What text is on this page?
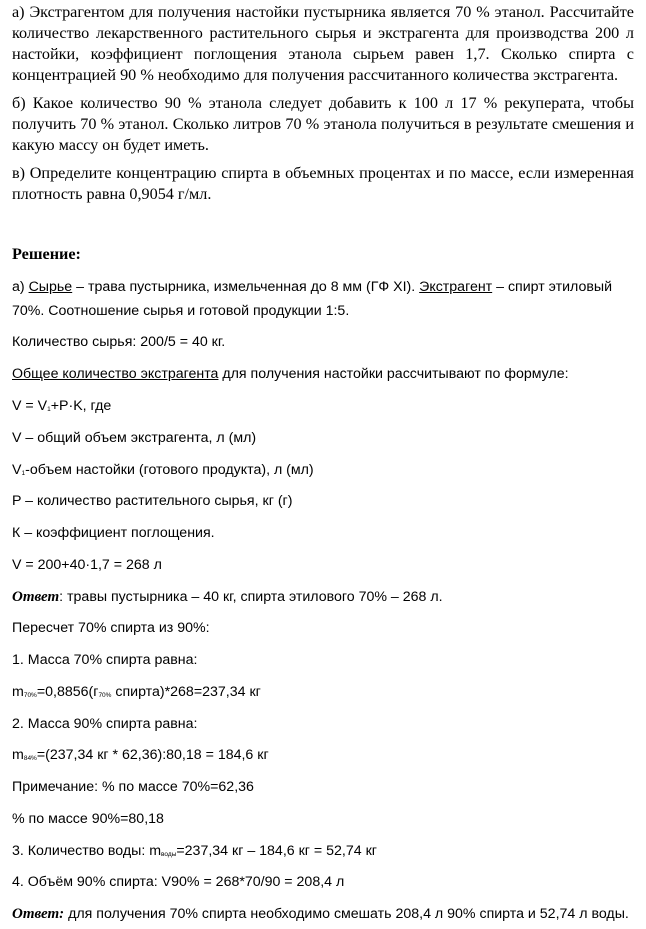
а) Экстрагентом для получения настойки пустырника является 70 % этанол. Рассчитайте количество лекарственного растительного сырья и экстрагента для производства 200 л настойки, коэффициент поглощения этанола сырьем равен 1,7. Сколько спирта с концентрацией 90 % необходимо для получения рассчитанного количества экстрагента.

б) Какое количество 90 % этанола следует добавить к 100 л 17 % рекуперата, чтобы получить 70 % этанол. Сколько литров 70 % этанола получиться в результате смешения и какую массу он будет иметь.

в) Определите концентрацию спирта в объемных процентах и по массе, если измеренная плотность равна 0,9054 г/мл.

Решение:

а) Сырье – трава пустырника, измельченная до 8 мм (ГФ XI). Экстрагент – спирт этиловый

70%. Соотношение сырья и готовой продукции 1:5.

Количество сырья: 200/5 = 40 кг.

Общее количество экстрагента для получения настойки рассчитывают по формуле:

V = V1+P·K, где

V – общий объем экстрагента, л (мл)

V1-объем настойки (готового продукта), л (мл)

P – количество растительного сырья, кг (г)

К – коэффициент поглощения.

V = 200+40·1,7 = 268 л

Ответ: травы пустырника – 40 кг, спирта этилового 70% – 268 л.

Пересчет 70% спирта из 90%:

1. Масса 70% спирта равна:

m70%=0,8856(г70% спирта)*268=237,34 кг

2. Масса 90% спирта равна:

m84%=(237,34 кг * 62,36):80,18 = 184,6 кг

Примечание: % по массе 70%=62,36

% по массе 90%=80,18

3. Количество воды: mводы=237,34 кг – 184,6 кг = 52,74 кг

4. Объём 90% спирта: V90% = 268*70/90 = 208,4 л

Ответ: для получения 70% спирта необходимо смешать 208,4 л 90% спирта и 52,74 л воды.
